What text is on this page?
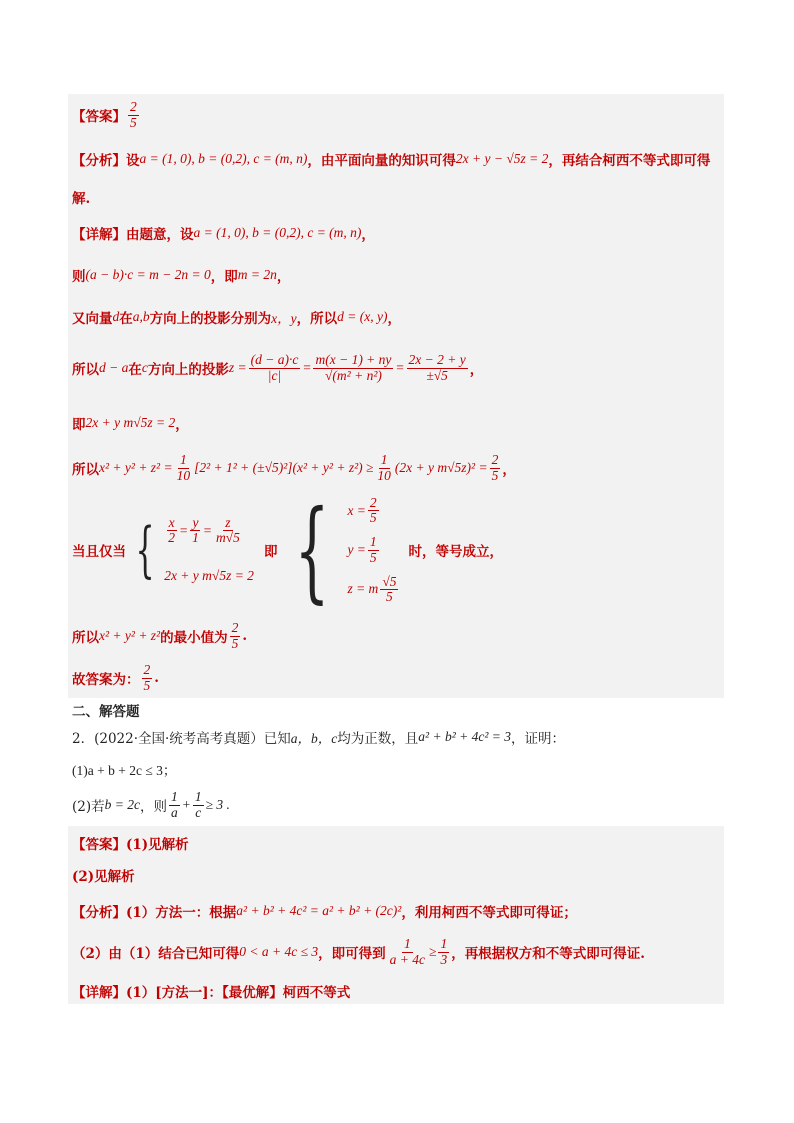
【答案】 $\frac{2}{5}$
【分析】 设 a = (1, 0), b = (0,2), c = (m, n) ，由平面向量的知识可得 2x + y − √5z = 2 ，再结合柯西不等式即可得
解.
【详解】 由题意，设 a = (1, 0), b = (0,2), c = (m, n) ，
则 (a − b)·c = m − 2n = 0 ，即 m = 2n ，
又向量 d 在 a,b 方向上的投影分别为 x，y ，所以 d = (x, y) ，
所以 d − a 在 c 方向上的投影 $z = \frac{(d - a)\cdot c}{|c|} = \frac{m(x - 1) + ny}{\text{√(m² + n²)}} = \frac{2x - 2 + y}{\pm√5}$ ，
即 2x + y m√5z = 2 ，
所以 $x^2 + y^2 + z^2 = \frac{1}{10} [2^2 + 1^2 + (\pm√5)^2](x^2 + y^2 + z^2) \ge \frac{1}{10} (2x + y$ $m√5z)^2 = \frac{2}{5}$ ，
当且仅当 { $\frac{x}{2} = \frac{y}{1} = \frac{z}{m√5}$
2x + y m√5z = 2
即 { $x = \frac{2}{5}$
$y = \frac{1}{5}$
z = m $\frac{√5}{5}$
时，等号成立，
所以 x² + y² + z² 的最小值为 $\frac{2}{5}$ .
故答案为： $\frac{2}{5}$ .
二、解答题
2．(2022·全国·统考高考真题）已知 a，b，c 均为正数，且 a² + b² + 4c² = 3 ，证明：
(1)a + b + 2c ≤ 3；
(2)若 b = 2c ，则 $\frac{1}{a} + \frac{1}{c} \ge 3$ .
【答案】 (1)见解析
(2)见解析
【分析】 (1）方法一：根据 a² + b² + 4c² = a² + b² + (2c)² ，利用柯西不等式即可得证；
（2）由（1）结合已知可得 0 < a + 4c ≤ 3 ，即可得到 $\frac{1}{a + 4c} \ge \frac{1}{3}$ ，再根据权方和不等式即可得证.
【详解】 (1）[方法一]：【最优解】柯西不等式
